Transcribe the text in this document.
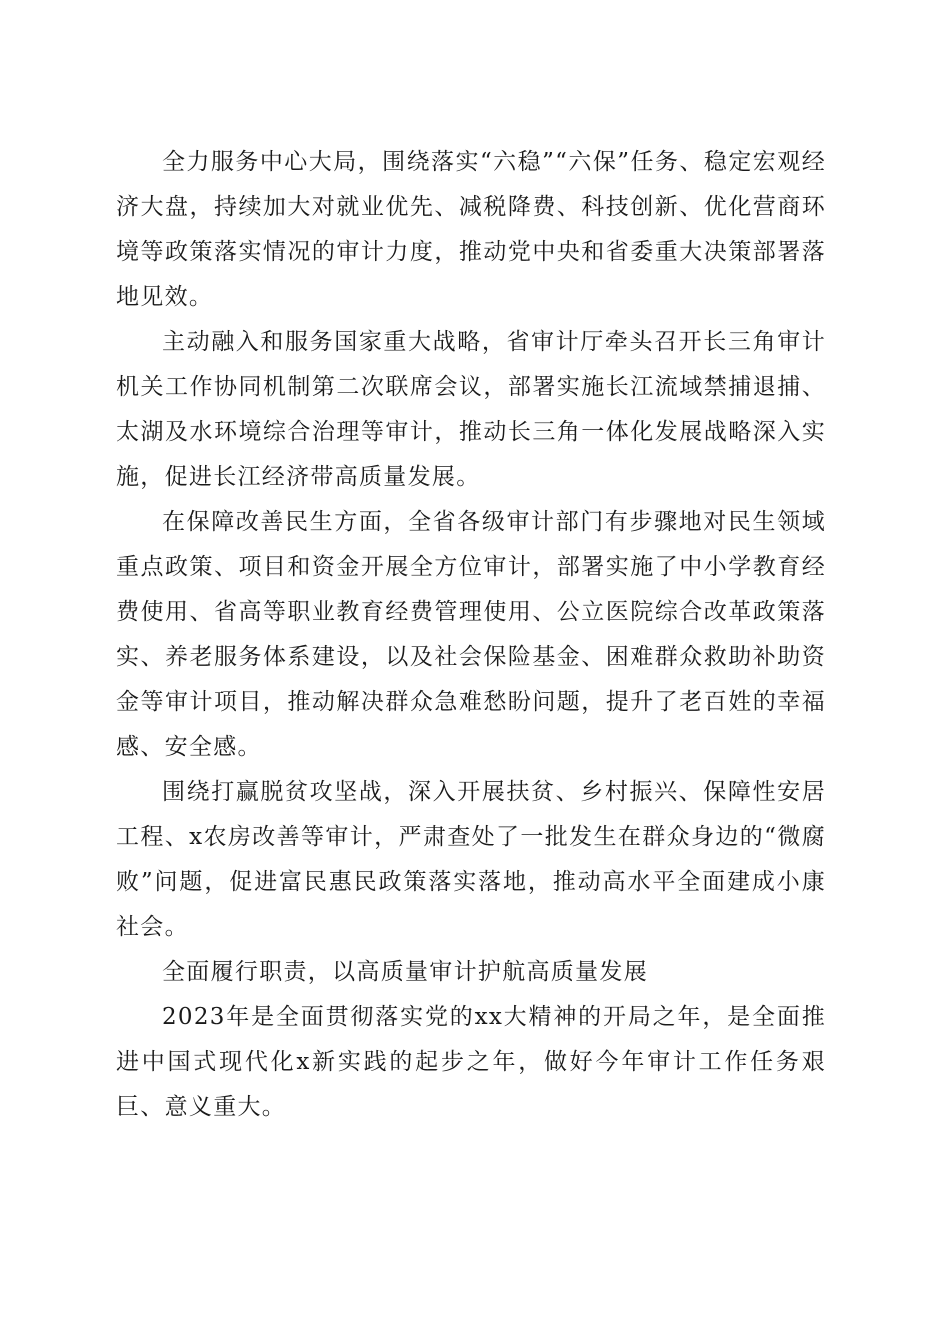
全力服务中心大局，围绕落实“六稳”“六保”任务、稳定宏观经济大盘，持续加大对就业优先、减税降费、科技创新、优化营商环境等政策落实情况的审计力度，推动党中央和省委重大决策部署落地见效。

主动融入和服务国家重大战略，省审计厅牵头召开长三角审计机关工作协同机制第二次联席会议，部署实施长江流域禁捕退捕、太湖及水环境综合治理等审计，推动长三角一体化发展战略深入实施，促进长江经济带高质量发展。

在保障改善民生方面，全省各级审计部门有步骤地对民生领域重点政策、项目和资金开展全方位审计，部署实施了中小学教育经费使用、省高等职业教育经费管理使用、公立医院综合改革政策落实、养老服务体系建设，以及社会保险基金、困难群众救助补助资金等审计项目，推动解决群众急难愁盼问题，提升了老百姓的幸福感、安全感。

围绕打赢脱贫攻坚战，深入开展扶贫、乡村振兴、保障性安居工程、x农房改善等审计，严肃查处了一批发生在群众身边的“微腐败”问题，促进富民惠民政策落实落地，推动高水平全面建成小康社会。

全面履行职责，以高质量审计护航高质量发展

2023年是全面贯彻落实党的xx大精神的开局之年，是全面推进中国式现代化x新实践的起步之年，做好今年审计工作任务艰巨、意义重大。
